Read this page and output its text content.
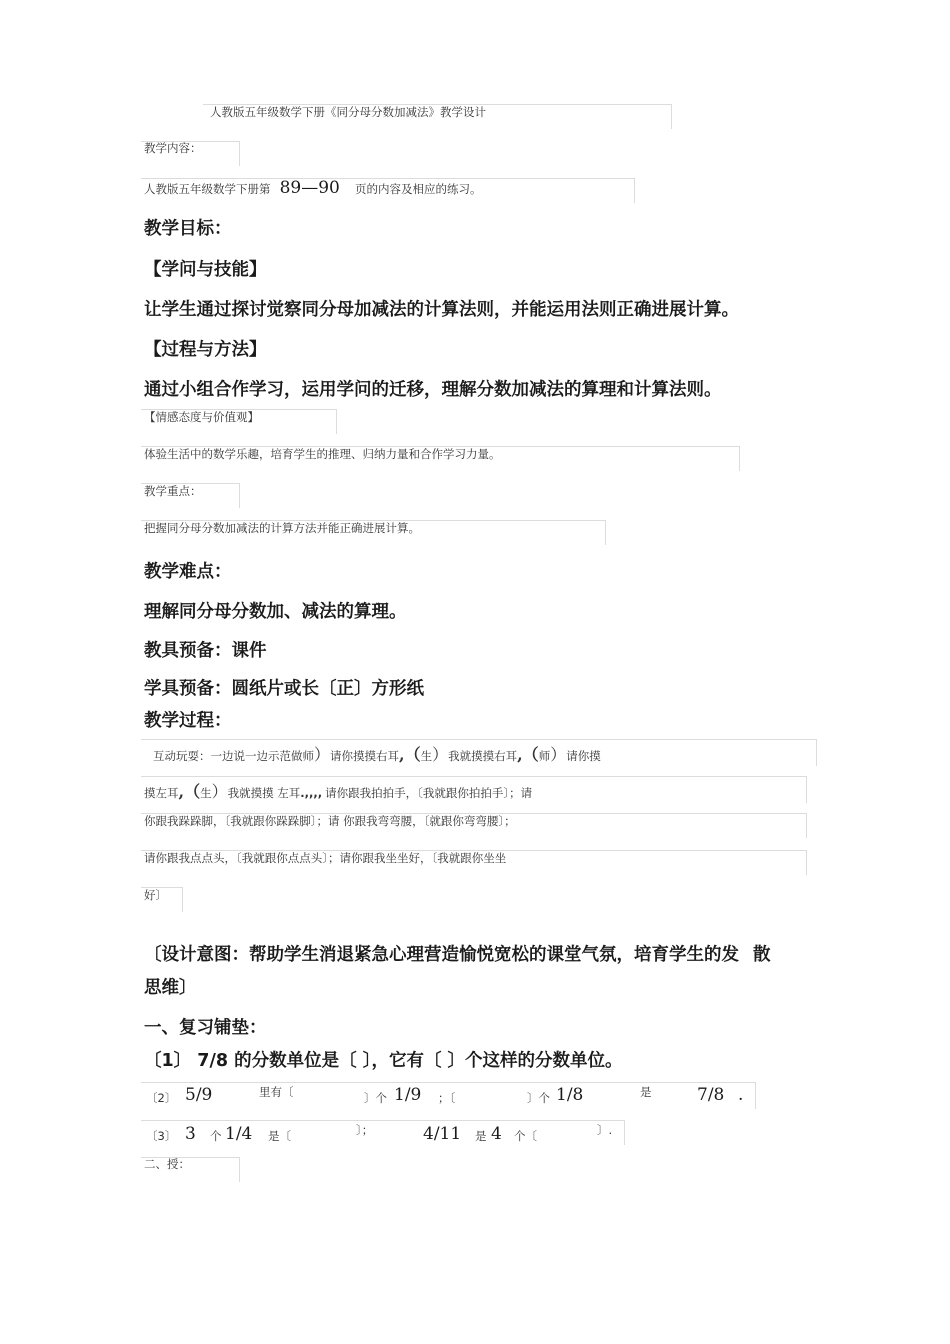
人教版五年级数学下册《同分母分数加减法》教学设计
教学内容：
人教版五年级数学下册第 89—90 页的内容及相应的练习。
教学目标：
【学问与技能】
让学生通过探讨觉察同分母加减法的计算法则，并能运用法则正确进展计算。
【过程与方法】
通过小组合作学习，运用学问的迁移，理解分数加减法的算理和计算法则。
【情感态度与价值观】
体验生活中的数学乐趣，培育学生的推理、归纳力量和合作学习力量。
教学重点：
把握同分母分数加减法的计算方法并能正确进展计算。
教学难点：
理解同分母分数加、减法的算理。
教具预备：课件
学具预备：圆纸片或长〔正〕方形纸
教学过程：
互动玩耍：一边说一边示范做师）请你摸摸右耳,（生）我就摸摸右耳,（师）请你摸
摸左耳,（生）我就摸摸 左耳.,,,, 请你跟我拍拍手，〔我就跟你拍拍手〕；请
你跟我跺跺脚，〔我就跟你跺跺脚〕；请 你跟我弯弯腰，〔就跟你弯弯腰〕；
请你跟我点点头，〔我就跟你点点头〕；请你跟我坐坐好，〔我就跟你坐坐
好〕
〔设计意图：帮助学生消退紧急心理营造愉悦宽松的课堂气氛，培育学生的发 散
思维〕
一、复习铺垫：
〔1〕 7/8 的分数单位是〔 〕，它有〔 〕个这样的分数单位。
〔2〕 5/9	里有〔	〕个 1/9 ；〔	〕个 1/8	是	7/8 .
〔3〕 3 个 1/4 是〔	〕；	4/11 是 4 个〔	〕.
二、授：
